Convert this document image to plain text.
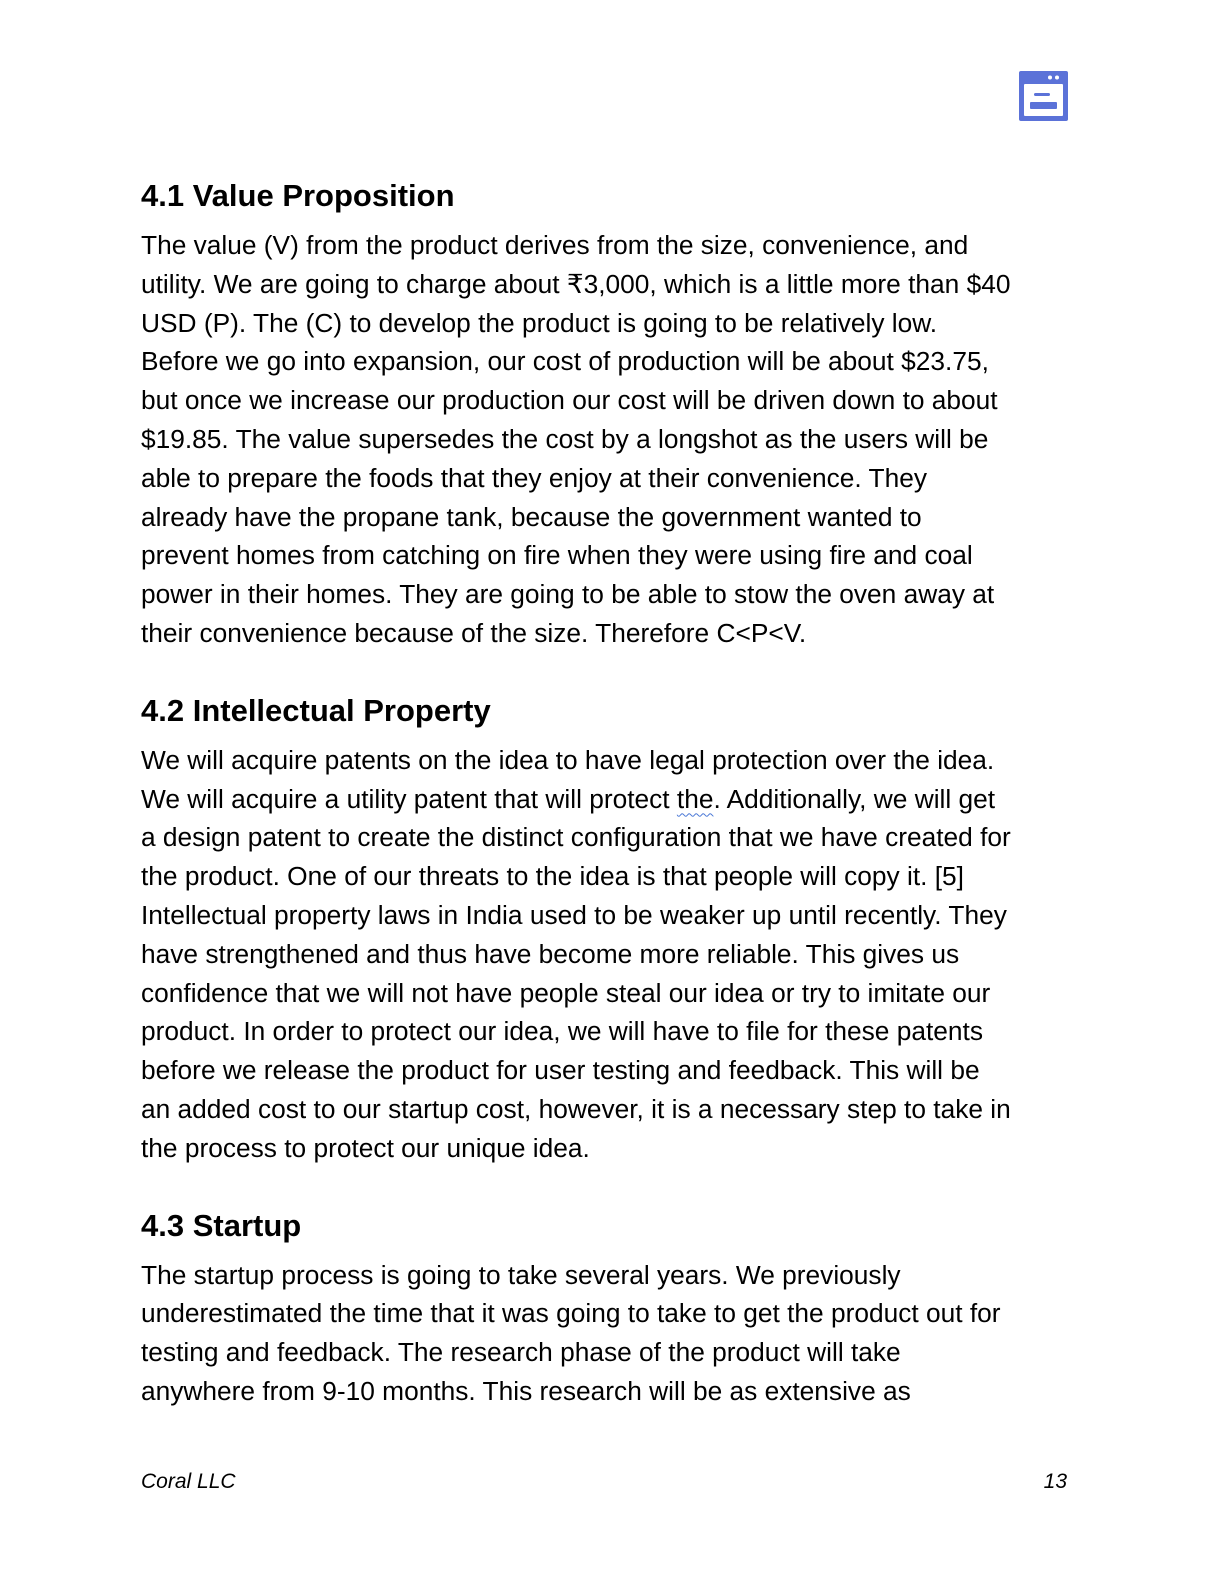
4.1 Value Proposition

The value (V) from the product derives from the size, convenience, and
utility. We are going to charge about ₹3,000, which is a little more than $40
USD (P). The (C) to develop the product is going to be relatively low.
Before we go into expansion, our cost of production will be about $23.75,
but once we increase our production our cost will be driven down to about
$19.85. The value supersedes the cost by a longshot as the users will be
able to prepare the foods that they enjoy at their convenience. They
already have the propane tank, because the government wanted to
prevent homes from catching on fire when they were using fire and coal
power in their homes. They are going to be able to stow the oven away at
their convenience because of the size. Therefore C<P<V.

4.2 Intellectual Property

We will acquire patents on the idea to have legal protection over the idea.
We will acquire a utility patent that will protect the. Additionally, we will get
a design patent to create the distinct configuration that we have created for
the product. One of our threats to the idea is that people will copy it. [5]
Intellectual property laws in India used to be weaker up until recently. They
have strengthened and thus have become more reliable. This gives us
confidence that we will not have people steal our idea or try to imitate our
product. In order to protect our idea, we will have to file for these patents
before we release the product for user testing and feedback. This will be
an added cost to our startup cost, however, it is a necessary step to take in
the process to protect our unique idea.

4.3 Startup

The startup process is going to take several years. We previously
underestimated the time that it was going to take to get the product out for
testing and feedback. The research phase of the product will take
anywhere from 9-10 months. This research will be as extensive as

Coral LLC	13
